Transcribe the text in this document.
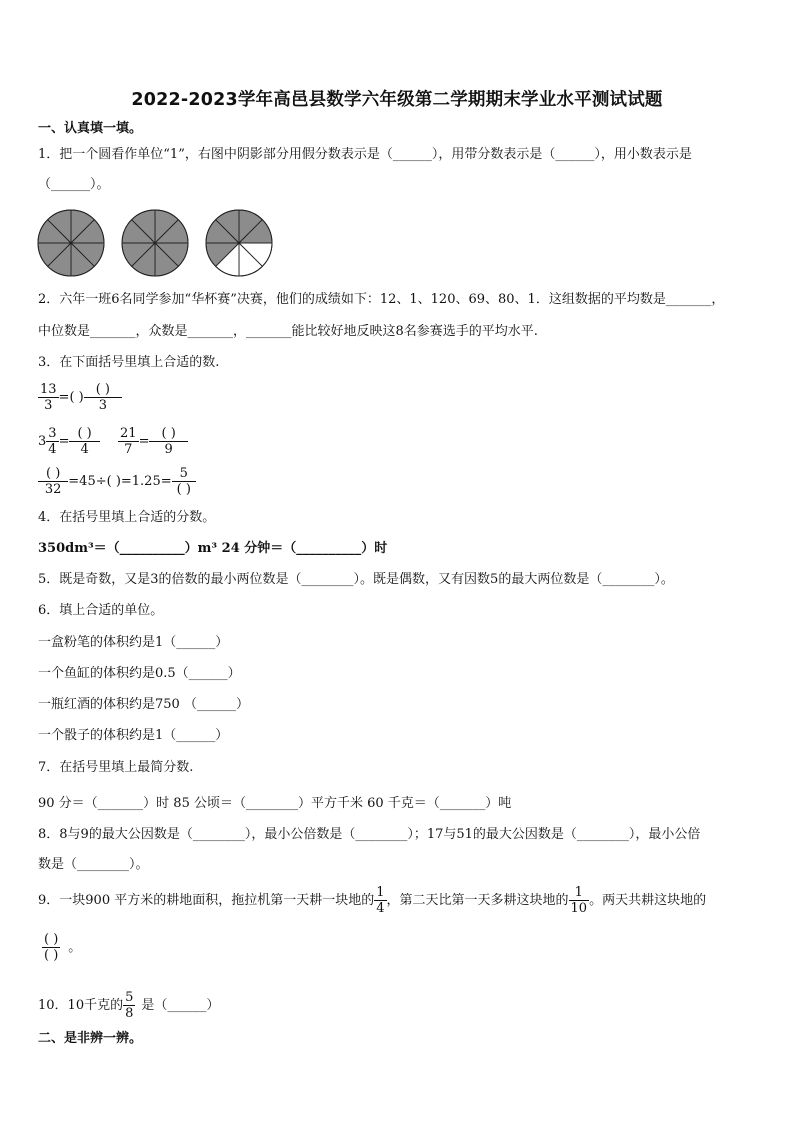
2022-2023学年高邑县数学六年级第二学期期末学业水平测试试题
一、认真填一填。
1．把一个圆看作单位“1”，右图中阴影部分用假分数表示是（______），用带分数表示是（______），用小数表示是
（______）。
2．六年一班6名同学参加“华杯赛”决赛，他们的成绩如下：12、1、120、69、80、1．这组数据的平均数是_______，
中位数是_______，众数是_______，_______能比较好地反映这8名参赛选手的平均水平.
3．在下面括号里填上合适的数.
$\frac{13}{3}$ =( ) $\frac{( )}{3}$
$3 \frac{3}{4} = \frac{( )}{4}$
$\frac{21}{7} = \frac{( )}{9}$
$\frac{( )}{32} =45\div$( )$=1.25= \frac{5}{( )}$
4．在括号里填上合适的分数。
350dm³＝（__________）m³ 24 分钟＝（__________）时
5．既是奇数，又是3的倍数的最小两位数是（________）。既是偶数，又有因数5的最大两位数是（________）。
6．填上合适的单位。
一盒粉笔的体积约是1（______）
一个鱼缸的体积约是0.5（______）
一瓶红酒的体积约是750 （______）
一个骰子的体积约是1（______）
7．在括号里填上最简分数.
90 分＝（_______）时 85 公顷＝（________）平方千米 60 千克＝（_______）吨
8．8与9的最大公因数是（________），最小公倍数是（________）；17与51的最大公因数是（________），最小公倍
数是（________）。
9．一块900 平方米的耕地面积，拖拉机第一天耕一块地的 $\frac{1}{4}$ ，第二天比第一天多耕这块地的 $\frac{1}{10}$ 。两天共耕这块地的
$\frac{( )}{( )}$ 。
10．10千克的 $\frac{5}{8}$ 是（______）
二、是非辨一辨。
